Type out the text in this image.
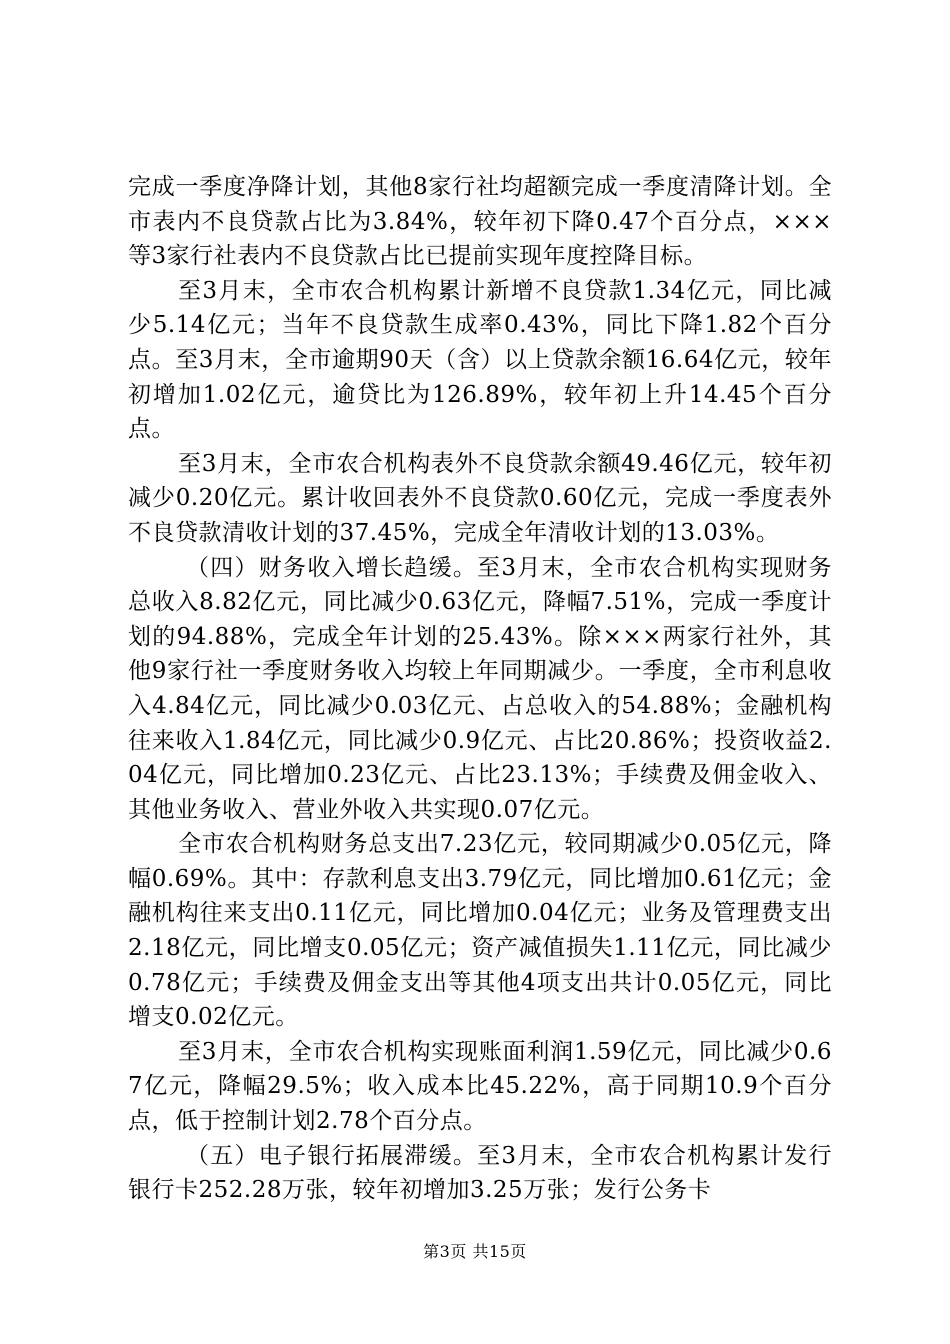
完成一季度净降计划，其他8家行社均超额完成一季度清降计划。全市表内不良贷款占比为3.84%，较年初下降0.47个百分点，×××等3家行社表内不良贷款占比已提前实现年度控降目标。

至3月末，全市农合机构累计新增不良贷款1.34亿元，同比减少5.14亿元；当年不良贷款生成率0.43%，同比下降1.82个百分点。至3月末，全市逾期90天（含）以上贷款余额16.64亿元，较年初增加1.02亿元，逾贷比为126.89%，较年初上升14.45个百分点。

至3月末，全市农合机构表外不良贷款余额49.46亿元，较年初减少0.20亿元。累计收回表外不良贷款0.60亿元，完成一季度表外不良贷款清收计划的37.45%，完成全年清收计划的13.03%。

（四）财务收入增长趋缓。至3月末，全市农合机构实现财务总收入8.82亿元，同比减少0.63亿元，降幅7.51%，完成一季度计划的94.88%，完成全年计划的25.43%。除×××两家行社外，其他9家行社一季度财务收入均较上年同期减少。一季度，全市利息收入4.84亿元，同比减少0.03亿元、占总收入的54.88%；金融机构往来收入1.84亿元，同比减少0.9亿元、占比20.86%；投资收益2.04亿元，同比增加0.23亿元、占比23.13%；手续费及佣金收入、其他业务收入、营业外收入共实现0.07亿元。

全市农合机构财务总支出7.23亿元，较同期减少0.05亿元，降幅0.69%。其中：存款利息支出3.79亿元，同比增加0.61亿元；金融机构往来支出0.11亿元，同比增加0.04亿元；业务及管理费支出2.18亿元，同比增支0.05亿元；资产减值损失1.11亿元，同比减少0.78亿元；手续费及佣金支出等其他4项支出共计0.05亿元，同比增支0.02亿元。

至3月末，全市农合机构实现账面利润1.59亿元，同比减少0.67亿元，降幅29.5%；收入成本比45.22%，高于同期10.9个百分点，低于控制计划2.78个百分点。

（五）电子银行拓展滞缓。至3月末，全市农合机构累计发行银行卡252.28万张，较年初增加3.25万张；发行公务卡

第3页 共15页
